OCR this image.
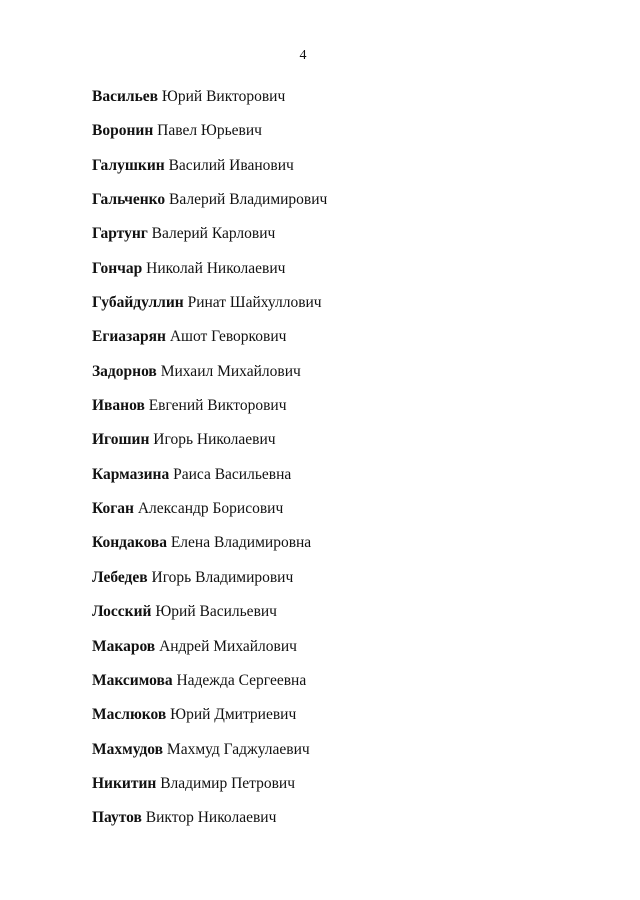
4
Васильев Юрий Викторович
Воронин Павел Юрьевич
Галушкин Василий Иванович
Гальченко Валерий Владимирович
Гартунг Валерий Карлович
Гончар Николай Николаевич
Губайдуллин Ринат Шайхуллович
Егиазарян Ашот Геворкович
Задорнов Михаил Михайлович
Иванов Евгений Викторович
Игошин Игорь Николаевич
Кармазина Раиса Васильевна
Коган Александр Борисович
Кондакова Елена Владимировна
Лебедев Игорь Владимирович
Лосский Юрий Васильевич
Макаров Андрей Михайлович
Максимова Надежда Сергеевна
Маслюков Юрий Дмитриевич
Махмудов Махмуд Гаджулаевич
Никитин Владимир Петрович
Паутов Виктор Николаевич
